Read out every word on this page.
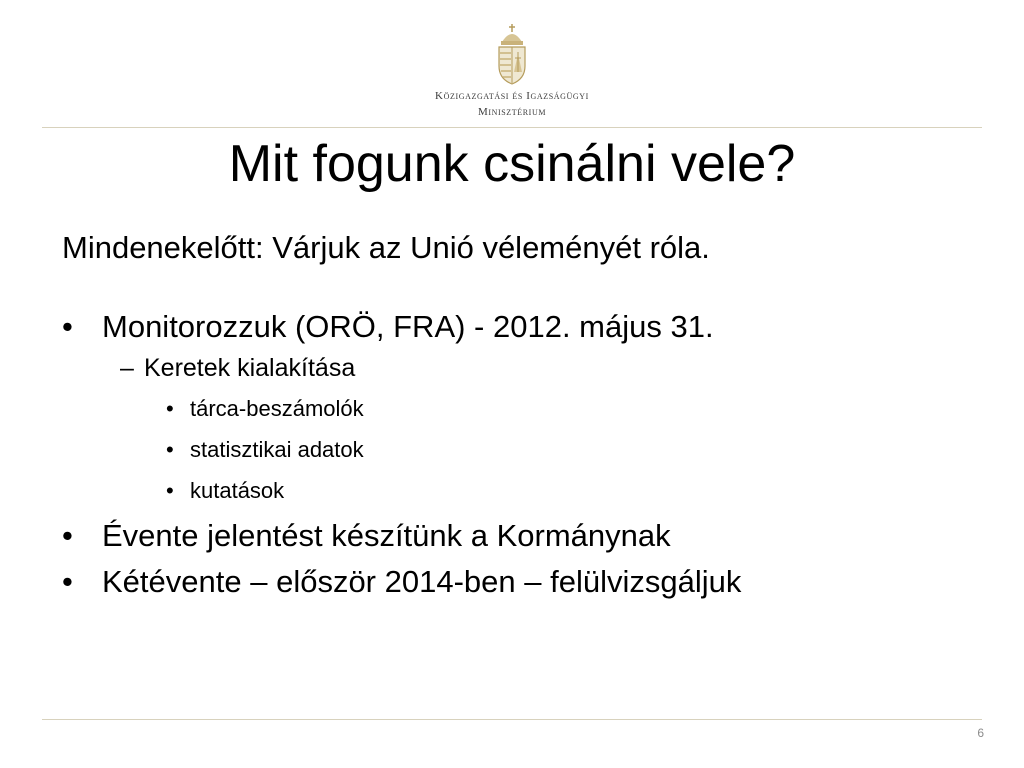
Közigazgatási és Igazságügyi
Minisztérium
Mit fogunk csinálni vele?

Mindenekelőtt: Várjuk az Unió véleményét róla.

• Monitorozzuk (ORÖ, FRA) - 2012. május 31.

– Keretek kialakítása

• tárca-beszámolók

• statisztikai adatok

• kutatások

• Évente jelentést készítünk a Kormánynak

• Kétévente – először 2014-ben – felülvizsgáljuk

6
